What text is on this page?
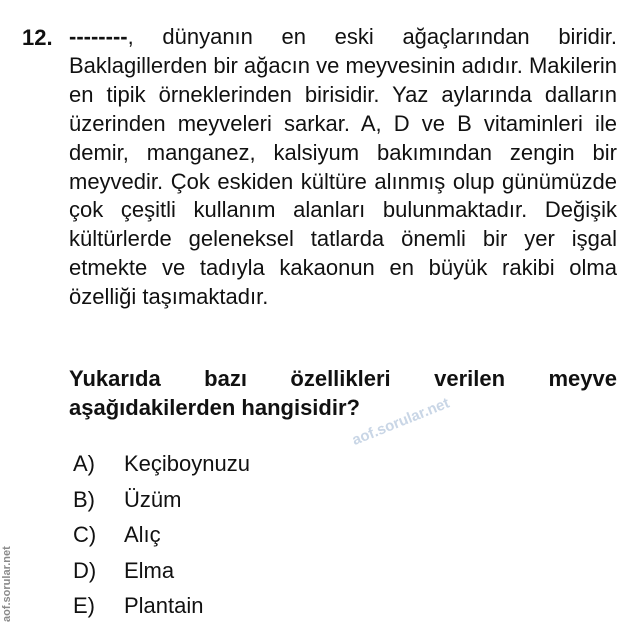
12. --------, dünyanın en eski ağaçlarından biridir. Baklagillerden bir ağacın ve meyvesinin adıdır. Makilerin en tipik örneklerinden birisidir. Yaz aylarında dalların üzerinden meyveleri sarkar. A, D ve B vitaminleri ile demir, manganez, kalsiyum bakımından zengin bir meyvedir. Çok eskiden kültüre alınmış olup günümüzde çok çeşitli kullanım alanları bulunmaktadır. Değişik kültürlerde geleneksel tatlarda önemli bir yer işgal etmekte ve tadıyla kakaonun en büyük rakibi olma özelliği taşımaktadır.

Yukarıda bazı özellikleri verilen meyve aşağıdakilerden hangisidir?

A)	Keçiboynuzu
B)	Üzüm
C)	Alıç
D)	Elma
E)	Plantain
aof.sorular.net
aof.sorular.net
